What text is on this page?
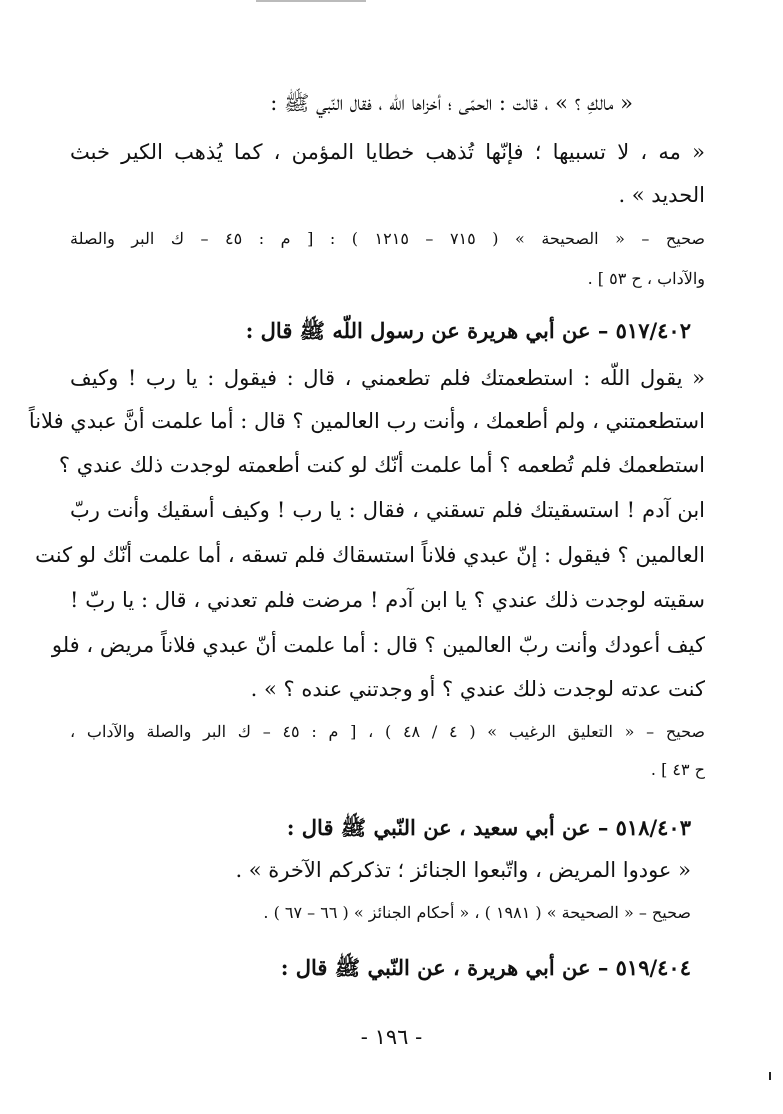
« مالكِ ؟ » ، قالت : الحمّى ؛ أخزاها اللّه ، فقال النّبي ﷺ :
« مه ، لا تسبيها ؛ فإنّها تُذهب خطايا المؤمن ، كما يُذهب الكير خبث
الحديد » .
صحيح – « الصحيحة » ( ٧١٥ – ١٢١٥ ) : [ م : ٤٥ – ك البر والصلة
والآداب ، ح ٥٣ ] .
٥١٧/٤٠٢ – عن أبي هريرة عن رسول اللّه ﷺ قال :
« يقول اللّه : استطعمتك فلم تطعمني ، قال : فيقول : يا رب ! وكيف
استطعمتني ، ولم أطعمك ، وأنت رب العالمين ؟ قال : أما علمت أنَّ عبدي فلاناً
استطعمك فلم تُطعمه ؟ أما علمت أنّك لو كنت أطعمته لوجدت ذلك عندي ؟
ابن آدم ! استسقيتك فلم تسقني ، فقال : يا رب ! وكيف أسقيك وأنت ربّ
العالمين ؟ فيقول : إنّ عبدي فلاناً استسقاك فلم تسقه ، أما علمت أنّك لو كنت
سقيته لوجدت ذلك عندي ؟ يا ابن آدم ! مرضت فلم تعدني ، قال : يا ربّ !
كيف أعودك وأنت ربّ العالمين ؟ قال : أما علمت أنّ عبدي فلاناً مريض ، فلو
كنت عدته لوجدت ذلك عندي ؟ أو وجدتني عنده ؟ » .
صحيح – « التعليق الرغيب » ( ٤ / ٤٨ ) ، [ م : ٤٥ – ك البر والصلة والآداب ،
ح ٤٣ ] .
٥١٨/٤٠٣ – عن أبي سعيد ، عن النّبي ﷺ قال :
« عودوا المريض ، واتّبعوا الجنائز ؛ تذكركم الآخرة » .
صحيح – « الصحيحة » ( ١٩٨١ ) ، « أحكام الجنائز » ( ٦٦ – ٦٧ ) .
٥١٩/٤٠٤ – عن أبي هريرة ، عن النّبي ﷺ قال :
- ١٩٦ -
